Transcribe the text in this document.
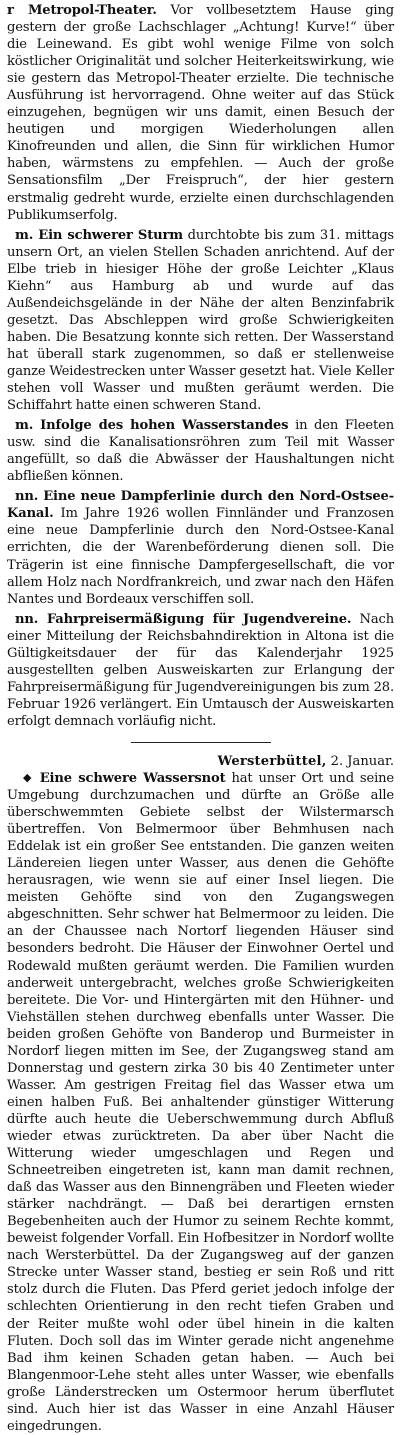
r Metropol-Theater. Vor vollbesetztem Hause ging gestern der große Lachschlager „Achtung! Kurve!“ über die Leinewand. Es gibt wohl wenige Filme von solch köstlicher Originalität und solcher Heiterkeitswirkung, wie sie gestern das Metropol-Theater erzielte. Die technische Ausführung ist hervorragend. Ohne weiter auf das Stück einzugehen, begnügen wir uns damit, einen Besuch der heutigen und morgigen Wiederholungen allen Kinofreunden und allen, die Sinn für wirklichen Humor haben, wärmstens zu empfehlen. — Auch der große Sensationsfilm „Der Freispruch“, der hier gestern erstmalig gedreht wurde, erzielte einen durchschlagenden Publikumserfolg.

m. Ein schwerer Sturm durchtobte bis zum 31. mittags unsern Ort, an vielen Stellen Schaden anrichtend. Auf der Elbe trieb in hiesiger Höhe der große Leichter „Klaus Kiehn“ aus Hamburg ab und wurde auf das Außendeichsgelände in der Nähe der alten Benzinfabrik gesetzt. Das Abschleppen wird große Schwierigkeiten haben. Die Besatzung konnte sich retten. Der Wasserstand hat überall stark zugenommen, so daß er stellenweise ganze Weidestrecken unter Wasser gesetzt hat. Viele Keller stehen voll Wasser und mußten geräumt werden. Die Schiffahrt hatte einen schweren Stand.

m. Infolge des hohen Wasserstandes in den Fleeten usw. sind die Kanalisationsröhren zum Teil mit Wasser angefüllt, so daß die Abwässer der Haushaltungen nicht abfließen können.

nn. Eine neue Dampferlinie durch den Nord-Ostsee-Kanal. Im Jahre 1926 wollen Finnländer und Franzosen eine neue Dampferlinie durch den Nord-Ostsee-Kanal errichten, die der Warenbeförderung dienen soll. Die Trägerin ist eine finnische Dampfergesellschaft, die vor allem Holz nach Nordfrankreich, und zwar nach den Häfen Nantes und Bordeaux verschiffen soll.

nn. Fahrpreisermäßigung für Jugendvereine. Nach einer Mitteilung der Reichsbahndirektion in Altona ist die Gültigkeitsdauer der für das Kalenderjahr 1925 ausgestellten gelben Ausweiskarten zur Erlangung der Fahrpreisermäßigung für Jugendvereinigungen bis zum 28. Februar 1926 verlängert. Ein Umtausch der Ausweiskarten erfolgt demnach vorläufig nicht.

Wersterbüttel, 2. Januar.

◆ Eine schwere Wassersnot hat unser Ort und seine Umgebung durchzumachen und dürfte an Größe alle überschwemmten Gebiete selbst der Wilstermarsch übertreffen. Von Belmermoor über Behmhusen nach Eddelak ist ein großer See entstanden. Die ganzen weiten Ländereien liegen unter Wasser, aus denen die Gehöfte herausragen, wie wenn sie auf einer Insel liegen. Die meisten Gehöfte sind von den Zugangswegen abgeschnitten. Sehr schwer hat Belmermoor zu leiden. Die an der Chaussee nach Nortorf liegenden Häuser sind besonders bedroht. Die Häuser der Einwohner Oertel und Rodewald mußten geräumt werden. Die Familien wurden anderweit untergebracht, welches große Schwierigkeiten bereitete. Die Vor- und Hintergärten mit den Hühner- und Viehställen stehen durchweg ebenfalls unter Wasser. Die beiden großen Gehöfte von Banderop und Burmeister in Nordorf liegen mitten im See, der Zugangsweg stand am Donnerstag und gestern zirka 30 bis 40 Zentimeter unter Wasser. Am gestrigen Freitag fiel das Wasser etwa um einen halben Fuß. Bei anhaltender günstiger Witterung dürfte auch heute die Ueberschwemmung durch Abfluß wieder etwas zurücktreten. Da aber über Nacht die Witterung wieder umgeschlagen und Regen und Schneetreiben eingetreten ist, kann man damit rechnen, daß das Wasser aus den Binnengräben und Fleeten wieder stärker nachdrängt. — Daß bei derartigen ernsten Begebenheiten auch der Humor zu seinem Rechte kommt, beweist folgender Vorfall. Ein Hofbesitzer in Nordorf wollte nach Wersterbüttel. Da der Zugangsweg auf der ganzen Strecke unter Wasser stand, bestieg er sein Roß und ritt stolz durch die Fluten. Das Pferd geriet jedoch infolge der schlechten Orientierung in den recht tiefen Graben und der Reiter mußte wohl oder übel hinein in die kalten Fluten. Doch soll das im Winter gerade nicht angenehme Bad ihm keinen Schaden getan haben. — Auch bei Blangenmoor-Lehe steht alles unter Wasser, wie ebenfalls große Länderstrecken um Ostermoor herum überflutet sind. Auch hier ist das Wasser in eine Anzahl Häuser eingedrungen.
